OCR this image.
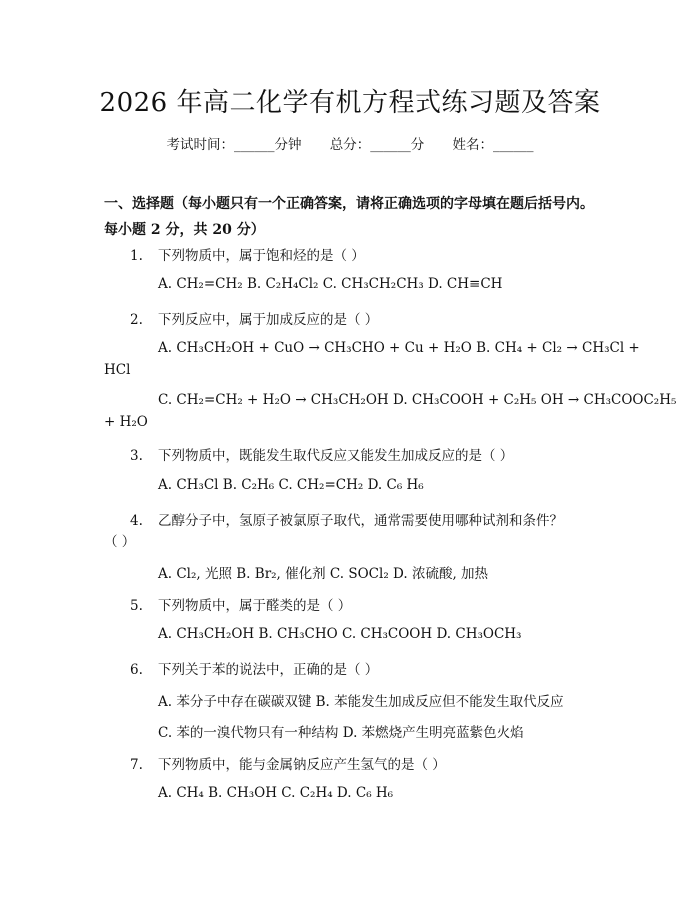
2026 年高二化学有机方程式练习题及答案
考试时间：______分钟 总分：______分 姓名：______
一、选择题（每小题只有一个正确答案，请将正确选项的字母填在题后括号内。
每小题 2 分，共 20 分）
1. 下列物质中，属于饱和烃的是（ ）
A. CH₂=CH₂ B. C₂H₄Cl₂ C. CH₃CH₂CH₃ D. CH≡CH
2. 下列反应中，属于加成反应的是（ ）
A. CH₃CH₂OH + CuO → CH₃CHO + Cu + H₂O B. CH₄ + Cl₂ → CH₃Cl +
HCl
C. CH₂=CH₂ + H₂O → CH₃CH₂OH D. CH₃COOH + C₂H₅ OH → CH₃COOC₂H₅
+ H₂O
3. 下列物质中，既能发生取代反应又能发生加成反应的是（ ）
A. CH₃Cl B. C₂H₆ C. CH₂=CH₂ D. C₆ H₆
4. 乙醇分子中，氢原子被氯原子取代，通常需要使用哪种试剂和条件？
（ ）
A. Cl₂, 光照 B. Br₂, 催化剂 C. SOCl₂ D. 浓硫酸, 加热
5. 下列物质中，属于醛类的是（ ）
A. CH₃CH₂OH B. CH₃CHO C. CH₃COOH D. CH₃OCH₃
6. 下列关于苯的说法中，正确的是（ ）
A. 苯分子中存在碳碳双键 B. 苯能发生加成反应但不能发生取代反应
C. 苯的一溴代物只有一种结构 D. 苯燃烧产生明亮蓝紫色火焰
7. 下列物质中，能与金属钠反应产生氢气的是（ ）
A. CH₄ B. CH₃OH C. C₂H₄ D. C₆ H₆
